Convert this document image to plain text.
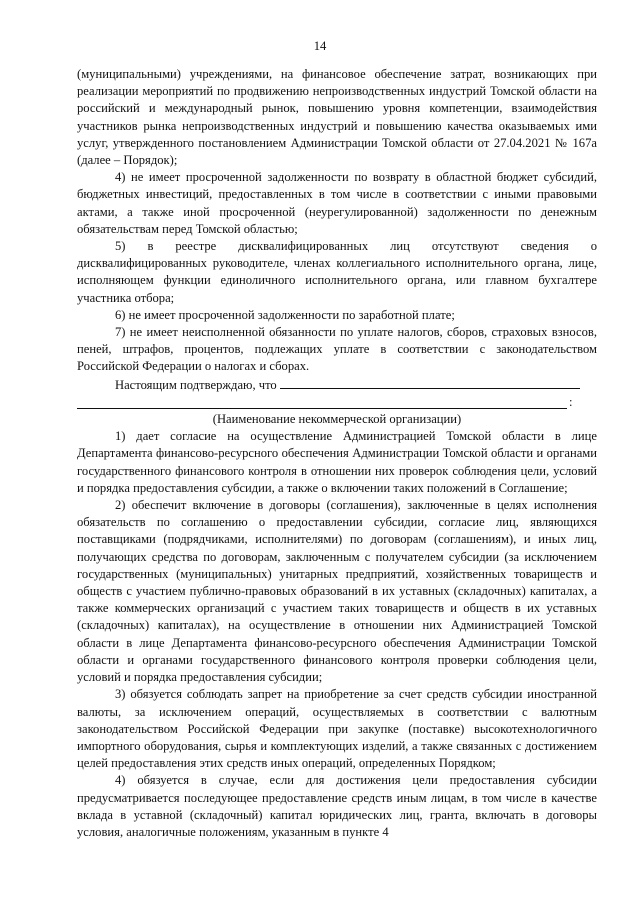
14

(муниципальными) учреждениями, на финансовое обеспечение затрат, возникающих при реализации мероприятий по продвижению непроизводственных индустрий Томской области на российский и международный рынок, повышению уровня компетенции, взаимодействия участников рынка непроизводственных индустрий и повышению качества оказываемых ими услуг, утвержденного постановлением Администрации Томской области от 27.04.2021 № 167а (далее – Порядок);

4) не имеет просроченной задолженности по возврату в областной бюджет субсидий, бюджетных инвестиций, предоставленных в том числе в соответствии с иными правовыми актами, а также иной просроченной (неурегулированной) задолженности по денежным обязательствам перед Томской областью;

5) в реестре дисквалифицированных лиц отсутствуют сведения о дисквалифицированных руководителе, членах коллегиального исполнительного органа, лице, исполняющем функции единоличного исполнительного органа, или главном бухгалтере участника отбора;

6) не имеет просроченной задолженности по заработной плате;

7) не имеет неисполненной обязанности по уплате налогов, сборов, страховых взносов, пеней, штрафов, процентов, подлежащих уплате в соответствии с законодательством Российской Федерации о налогах и сборах.

Настоящим подтверждаю, что

:

(Наименование некоммерческой организации)

1) дает согласие на осуществление Администрацией Томской области в лице Департамента финансово-ресурсного обеспечения Администрации Томской области и органами государственного финансового контроля в отношении них проверок соблюдения цели, условий и порядка предоставления субсидии, а также о включении таких положений в Соглашение;

2) обеспечит включение в договоры (соглашения), заключенные в целях исполнения обязательств по соглашению о предоставлении субсидии, согласие лиц, являющихся поставщиками (подрядчиками, исполнителями) по договорам (соглашениям), и иных лиц, получающих средства по договорам, заключенным с получателем субсидии (за исключением государственных (муниципальных) унитарных предприятий, хозяйственных товариществ и обществ с участием публично-правовых образований в их уставных (складочных) капиталах, а также коммерческих организаций с участием таких товариществ и обществ в их уставных (складочных) капиталах), на осуществление в отношении них Администрацией Томской области в лице Департамента финансово-ресурсного обеспечения Администрации Томской области и органами государственного финансового контроля проверки соблюдения цели, условий и порядка предоставления субсидии;

3) обязуется соблюдать запрет на приобретение за счет средств субсидии иностранной валюты, за исключением операций, осуществляемых в соответствии с валютным законодательством Российской Федерации при закупке (поставке) высокотехнологичного импортного оборудования, сырья и комплектующих изделий, а также связанных с достижением целей предоставления этих средств иных операций, определенных Порядком;

4) обязуется в случае, если для достижения цели предоставления субсидии предусматривается последующее предоставление средств иным лицам, в том числе в качестве вклада в уставной (складочный) капитал юридических лиц, гранта, включать в договоры условия, аналогичные положениям, указанным в пункте 4
